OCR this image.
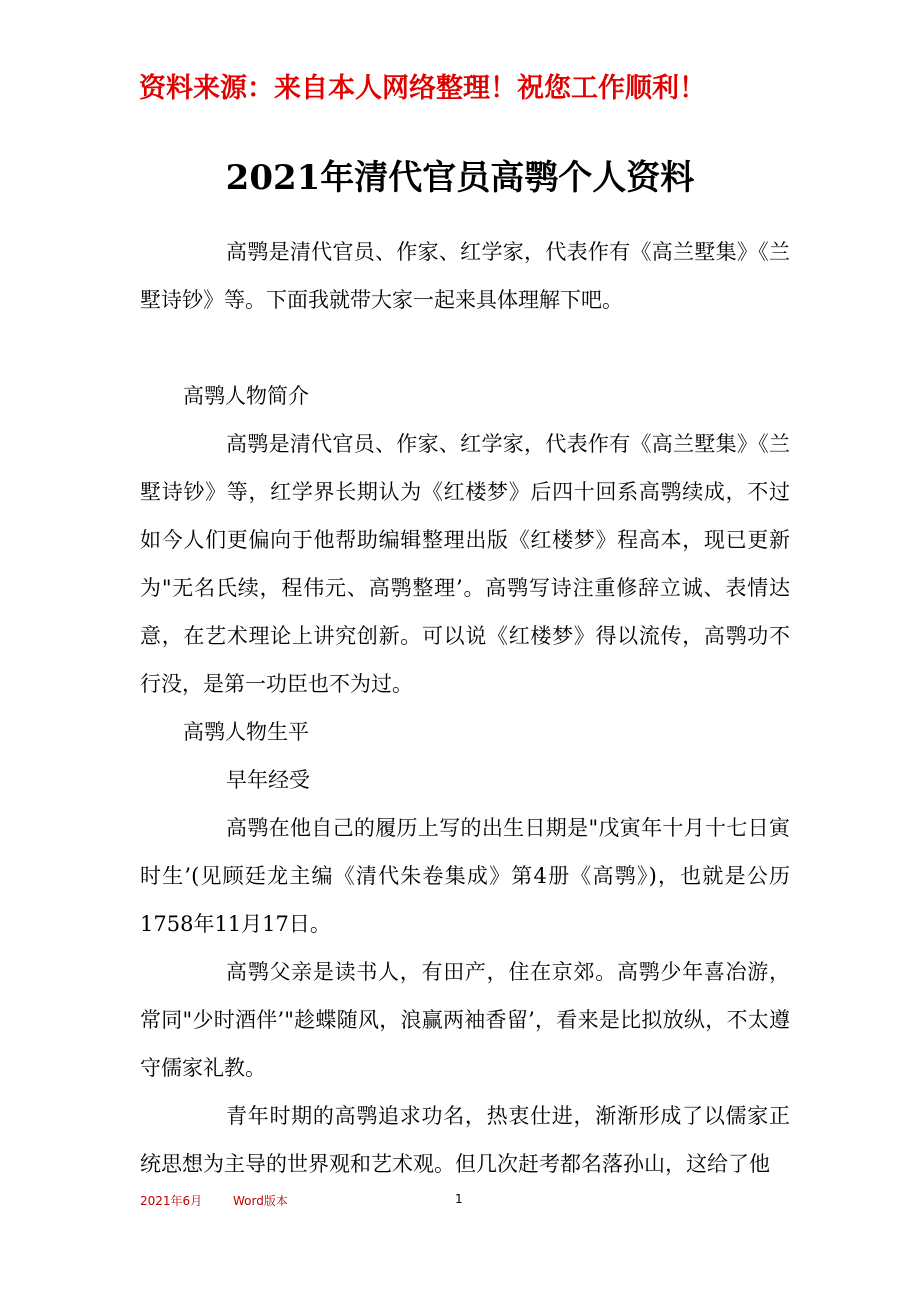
资料来源：来自本人网络整理！祝您工作顺利！
2021年清代官员高鹗个人资料

高鹗是清代官员、作家、红学家，代表作有《高兰墅集》《兰墅诗钞》等。下面我就带大家一起来具体理解下吧。

高鹗人物简介

高鹗是清代官员、作家、红学家，代表作有《高兰墅集》《兰墅诗钞》等，红学界长期认为《红楼梦》后四十回系高鹗续成，不过如今人们更偏向于他帮助编辑整理出版《红楼梦》程高本，现已更新为"无名氏续，程伟元、高鹗整理’。高鹗写诗注重修辞立诚、表情达意，在艺术理论上讲究创新。可以说《红楼梦》得以流传，高鹗功不行没，是第一功臣也不为过。

高鹗人物生平

早年经受

高鹗在他自己的履历上写的出生日期是"戊寅年十月十七日寅时生’(见顾廷龙主编《清代朱卷集成》第4册《高鹗》)，也就是公历1758年11月17日。

高鹗父亲是读书人，有田产，住在京郊。高鹗少年喜冶游，常同"少时酒伴’"趁蝶随风，浪赢两袖香留’，看来是比拟放纵，不太遵守儒家礼教。

青年时期的高鹗追求功名，热衷仕进，渐渐形成了以儒家正统思想为主导的世界观和艺术观。但几次赶考都名落孙山，这给了他

2021年6月	Word版本	1
